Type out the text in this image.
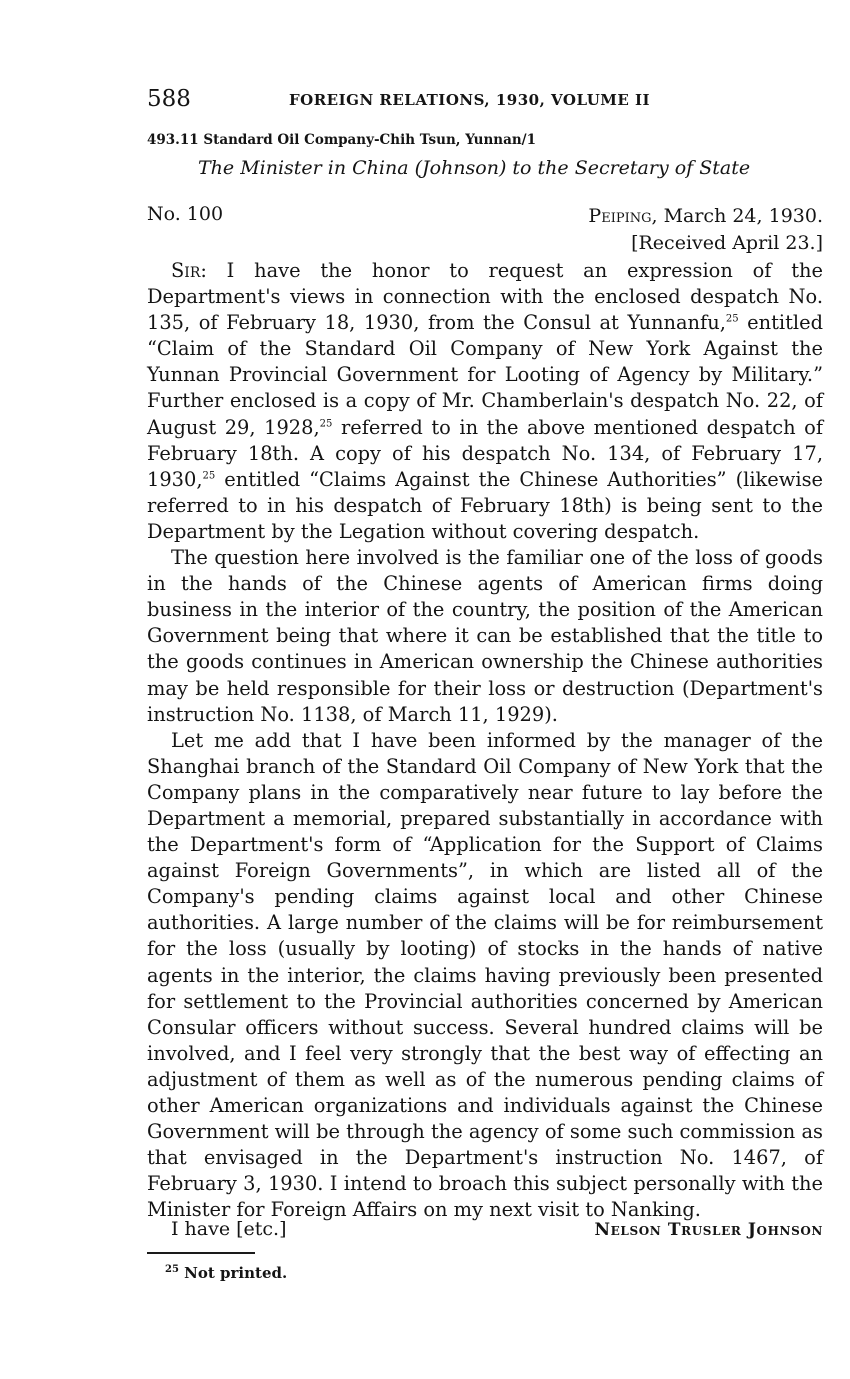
588	FOREIGN RELATIONS, 1930, VOLUME II
493.11 Standard Oil Company-Chih Tsun, Yunnan/1
The Minister in China (Johnson) to the Secretary of State
No. 100	Peiping, March 24, 1930.
[Received April 23.]

Sir: I have the honor to request an expression of the Department's views in connection with the enclosed despatch No. 135, of February 18, 1930, from the Consul at Yunnanfu,$^{25}$ entitled “Claim of the Standard Oil Company of New York Against the Yunnan Provincial Government for Looting of Agency by Military.” Further enclosed is a copy of Mr. Chamberlain's despatch No. 22, of August 29, 1928,25 referred to in the above mentioned despatch of February 18th. A copy of his despatch No. 134, of February 17, 1930,25 entitled “Claims Against the Chinese Authorities” (likewise referred to in his despatch of February 18th) is being sent to the Department by the Legation without covering despatch.

The question here involved is the familiar one of the loss of goods in the hands of the Chinese agents of American firms doing business in the interior of the country, the position of the American Government being that where it can be established that the title to the goods continues in American ownership the Chinese authorities may be held responsible for their loss or destruction (Department's instruction No. 1138, of March 11, 1929).

Let me add that I have been informed by the manager of the Shanghai branch of the Standard Oil Company of New York that the Company plans in the comparatively near future to lay before the Department a memorial, prepared substantially in accordance with the Department's form of “Application for the Support of Claims against Foreign Governments”, in which are listed all of the Company's pending claims against local and other Chinese authorities. A large number of the claims will be for reimbursement for the loss (usually by looting) of stocks in the hands of native agents in the interior, the claims having previously been presented for settlement to the Provincial authorities concerned by American Consular officers without success. Several hundred claims will be involved, and I feel very strongly that the best way of effecting an adjustment of them as well as of the numerous pending claims of other American organizations and individuals against the Chinese Government will be through the agency of some such commission as that envisaged in the Department's instruction No. 1467, of February 3, 1930. I intend to broach this subject personally with the Minister for Foreign Affairs on my next visit to Nanking.

I have [etc.]	Nelson Trusler Johnson
$^{25}$ Not printed.
